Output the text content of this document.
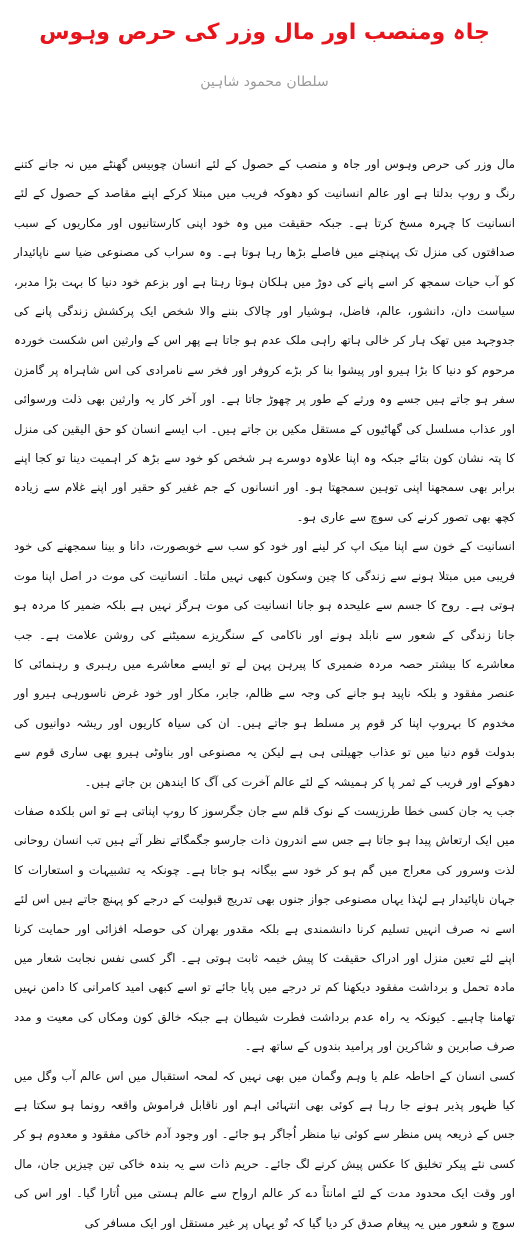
جاہ ومنصب اور مال وزر کی حرص وہوس
سلطان محمود شاہین

مال وزر کی حرص وہوس اور جاہ و منصب کے حصول کے لئے انسان چوبیس گھنٹے میں نہ جانے کتنے رنگ و روپ بدلتا ہے اور عالم انسانیت کو دھوکہ فریب میں مبتلا کرکے اپنے مقاصد کے حصول کے لئے انسانیت کا چہرہ مسخ کرتا ہے۔ جبکہ حقیقت میں وہ خود اپنی کارستانیوں اور مکاریوں کے سبب صداقتوں کی منزل تک پہنچنے میں فاصلے بڑھا رہا ہوتا ہے۔ وہ سراب کی مصنوعی ضیا سے ناپائیدار کو آب حیات سمجھ کر اسے پانے کی دوڑ میں ہلکان ہوتا رہتا ہے اور بزعم خود دنیا کا بہت بڑا مدبر، سیاست دان، دانشور، عالم، فاضل، ہوشیار اور چالاک بننے والا شخص ایک پرکشش زندگی پانے کی جدوجہد میں تھک ہار کر خالی ہاتھ راہی ملک عدم ہو جاتا ہے پھر اس کے وارثین اس شکست خوردہ مرحوم کو دنیا کا بڑا ہیرو اور پیشوا بنا کر بڑے کروفر اور فخر سے نامرادی کی اس شاہراہ پر گامزن سفر ہو جاتے ہیں جسے وہ ورثے کے طور پر چھوڑ جاتا ہے۔ اور آخر کار یہ وارثین بھی ذلت ورسوائی اور عذاب مسلسل کی گھاٹیوں کے مستقل مکیں بن جاتے ہیں۔ اب ایسے انسان کو حق الیقین کی منزل کا پتہ نشان کون بتائے جبکہ وہ اپنا علاوہ دوسرے ہر شخص کو خود سے بڑھ کر اہمیت دینا تو کجا اپنے برابر بھی سمجھنا اپنی توہین سمجھتا ہو۔ اور انسانوں کے جم غفیر کو حقیر اور اپنے غلام سے زیادہ کچھ بھی تصور کرنے کی سوچ سے عاری ہو۔

انسانیت کے خون سے اپنا میک اپ کر لینے اور خود کو سب سے خوبصورت، دانا و بینا سمجھنے کی خود فریبی میں مبتلا ہونے سے زندگی کا چین وسکون کبھی نہیں ملتا۔ انسانیت کی موت در اصل اپنا موت ہوتی ہے۔ روح کا جسم سے علیحدہ ہو جانا انسانیت کی موت ہرگز نہیں ہے بلکہ ضمیر کا مردہ ہو جانا زندگی کے شعور سے نابلد ہونے اور ناکامی کے سنگریزے سمیٹنے کی روشن علامت ہے۔ جب معاشرے کا بیشتر حصہ مردہ ضمیری کا پیرہن پہن لے تو ایسے معاشرے میں رہبری و رہنمائی کا عنصر مفقود و بلکہ ناپید ہو جانے کی وجہ سے ظالم، جابر، مکار اور خود غرض ناسورہی ہیرو اور مخدوم کا بہروپ اپنا کر قوم پر مسلط ہو جاتے ہیں۔ ان کی سیاہ کاریوں اور ریشہ دوانیوں کی بدولت قوم دنیا میں تو عذاب جھیلتی ہی ہے لیکن یہ مصنوعی اور بناوٹی ہیرو بھی ساری قوم سے دھوکے اور فریب کے ثمر پا کر ہمیشہ کے لئے عالم آخرت کی آگ کا ایندھن بن جاتے ہیں۔

جب یہ جان کسی خطا طرزیست کے نوک قلم سے جان جگرسوز کا روپ اپناتی ہے تو اس بلکدہ صفات میں ایک ارتعاش پیدا ہو جاتا ہے جس سے اندرون ذات جارسو جگمگاتے نظر آتے ہیں تب انسان روحانی لذت وسرور کی معراج میں گم ہو کر خود سے بیگانہ ہو جاتا ہے۔ چونکہ یہ تشبیہات و استعارات کا جہان ناپائیدار ہے لہٰذا یہاں مصنوعی جواز جنوں بھی تدریج قبولیت کے درجے کو پہنچ جاتے ہیں اس لئے اسے نہ صرف انہیں تسلیم کرنا دانشمندی ہے بلکہ مقدور بھران کی حوصلہ افزائی اور حمایت کرنا اپنے لئے تعین منزل اور ادراک حقیقت کا پیش خیمہ ثابت ہوتی ہے۔ اگر کسی نفس نجابت شعار میں مادہ تحمل و برداشت مفقود دیکھنا کم تر درجے میں پایا جائے تو اسے کبھی امید کامرانی کا دامن نہیں تھامنا چاہیے۔ کیونکہ یہ راہ عدم برداشت فطرت شیطان ہے جبکہ خالق کون ومکاں کی معیت و مدد صرف صابرین و شاکرین اور پرامید بندوں کے ساتھ ہے۔

کسی انسان کے احاطہ علم یا وہم وگمان میں بھی نہیں کہ لمحہ استقبال میں اس عالم آب وگل میں کیا ظہور پذیر ہونے جا رہا ہے کوئی بھی انتہائی اہم اور ناقابل فراموش واقعہ رونما ہو سکتا ہے جس کے ذریعہ پس منظر سے کوئی نیا منظر اُجاگر ہو جائے۔ اور وجود آدم خاکی مفقود و معدوم ہو کر کسی نئے پیکر تخلیق کا عکس پیش کرنے لگ جائے۔ حریم ذات سے یہ بندہ خاکی تین چیزیں جان، مال اور وقت ایک محدود مدت کے لئے امانتاً دے کر عالم ارواح سے عالم ہستی میں اُتارا گیا۔ اور اس کی سوچ و شعور میں یہ پیغام صدق کر دیا گیا کہ تُو یہاں پر غیر مستقل اور ایک مسافر کی
